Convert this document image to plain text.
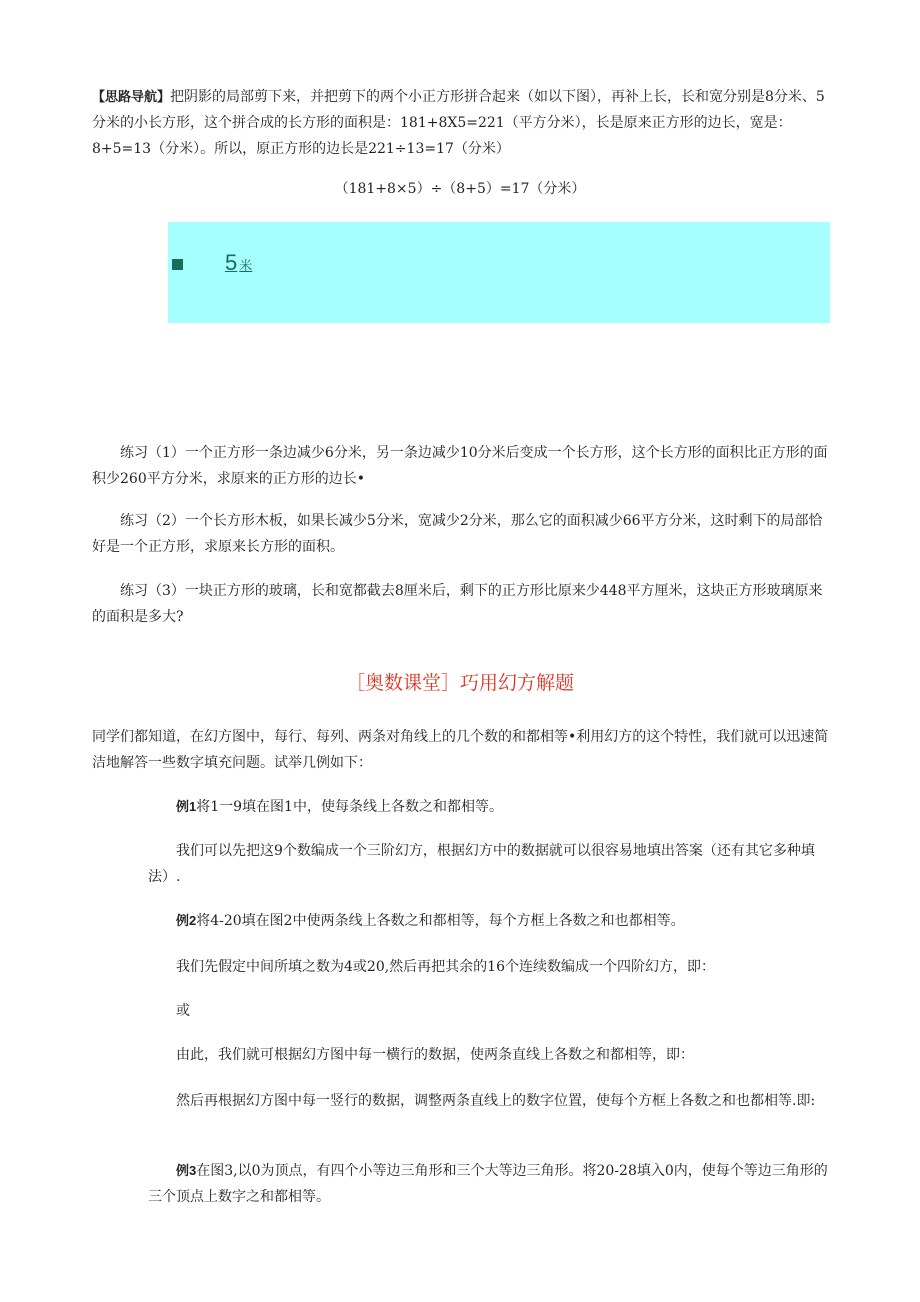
【思路导航】把阴影的局部剪下来，并把剪下的两个小正方形拼合起来（如以下图），再补上长，长和宽分别是8分米、5分米的小长方形，这个拼合成的长方形的面积是：181+8X5=221（平方分米），长是原来正方形的边长，宽是：8+5=13（分米）。所以，原正方形的边长是221÷13=17（分米）

（181+8×5）÷（8+5）=17（分米）
5 米

练习（1）一个正方形一条边减少6分米，另一条边减少10分米后变成一个长方形，这个长方形的面积比正方形的面积少260平方分米，求原来的正方形的边长•

练习（2）一个长方形木板，如果长减少5分米，宽减少2分米，那么它的面积减少66平方分米，这时剩下的局部恰好是一个正方形，求原来长方形的面积。

练习（3）一块正方形的玻璃，长和宽都截去8厘米后，剩下的正方形比原来少448平方厘米，这块正方形玻璃原来的面积是多大?

［奥数课堂］巧用幻方解题

同学们都知道，在幻方图中，每行、每列、两条对角线上的几个数的和都相等•利用幻方的这个特性，我们就可以迅速简洁地解答一些数字填充问题。试举几例如下：

例1将1一9填在图1中，使每条线上各数之和都相等。

我们可以先把这9个数编成一个三阶幻方，根据幻方中的数据就可以很容易地填出答案（还有其它多种填法）.

例2将4-20填在图2中使两条线上各数之和都相等，每个方框上各数之和也都相等。

我们先假定中间所填之数为4或20,然后再把其余的16个连续数编成一个四阶幻方，即：

或

由此，我们就可根据幻方图中每一横行的数据，使两条直线上各数之和都相等，即：

然后再根据幻方图中每一竖行的数据，调整两条直线上的数字位置，使每个方框上各数之和也都相等.即:

例3在图3,以0为顶点，有四个小等边三角形和三个大等边三角形。将20-28填入0内，使每个等边三角形的三个顶点上数字之和都相等。
